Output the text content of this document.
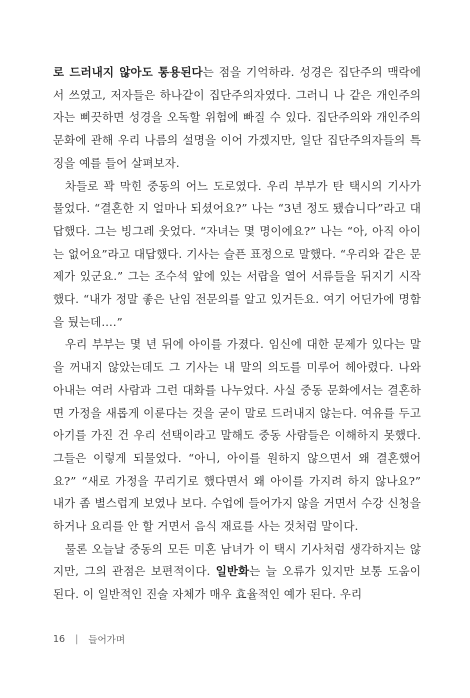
로 드러내지 않아도 통용된다는 점을 기억하라. 성경은 집단주의 맥락에서 쓰였고, 저자들은 하나같이 집단주의자였다. 그러니 나 같은 개인주의자는 삐끗하면 성경을 오독할 위험에 빠질 수 있다. 집단주의와 개인주의 문화에 관해 우리 나름의 설명을 이어 가겠지만, 일단 집단주의자들의 특징을 예를 들어 살펴보자.

차들로 꽉 막힌 중동의 어느 도로였다. 우리 부부가 탄 택시의 기사가 물었다. “결혼한 지 얼마나 되셨어요?” 나는 “3년 정도 됐습니다”라고 대답했다. 그는 빙그레 웃었다. “자녀는 몇 명이에요?” 나는 “아, 아직 아이는 없어요”라고 대답했다. 기사는 슬픈 표정으로 말했다. “우리와 같은 문제가 있군요.” 그는 조수석 앞에 있는 서랍을 열어 서류들을 뒤지기 시작했다. “내가 정말 좋은 난임 전문의를 알고 있거든요. 여기 어딘가에 명함을 뒀는데….”

우리 부부는 몇 년 뒤에 아이를 가졌다. 임신에 대한 문제가 있다는 말을 꺼내지 않았는데도 그 기사는 내 말의 의도를 미루어 헤아렸다. 나와 아내는 여러 사람과 그런 대화를 나누었다. 사실 중동 문화에서는 결혼하면 가정을 새롭게 이룬다는 것을 굳이 말로 드러내지 않는다. 여유를 두고 아기를 가진 건 우리 선택이라고 말해도 중동 사람들은 이해하지 못했다. 그들은 이렇게 되물었다. “아니, 아이를 원하지 않으면서 왜 결혼했어요?” “새로 가정을 꾸리기로 했다면서 왜 아이를 가지려 하지 않나요?” 내가 좀 별스럽게 보였나 보다. 수업에 들어가지 않을 거면서 수강 신청을 하거나 요리를 안 할 거면서 음식 재료를 사는 것처럼 말이다.

물론 오늘날 중동의 모든 미혼 남녀가 이 택시 기사처럼 생각하지는 않지만, 그의 관점은 보편적이다. 일반화는 늘 오류가 있지만 보통 도움이 된다. 이 일반적인 진술 자체가 매우 효율적인 예가 된다. 우리

16 | 들어가며
